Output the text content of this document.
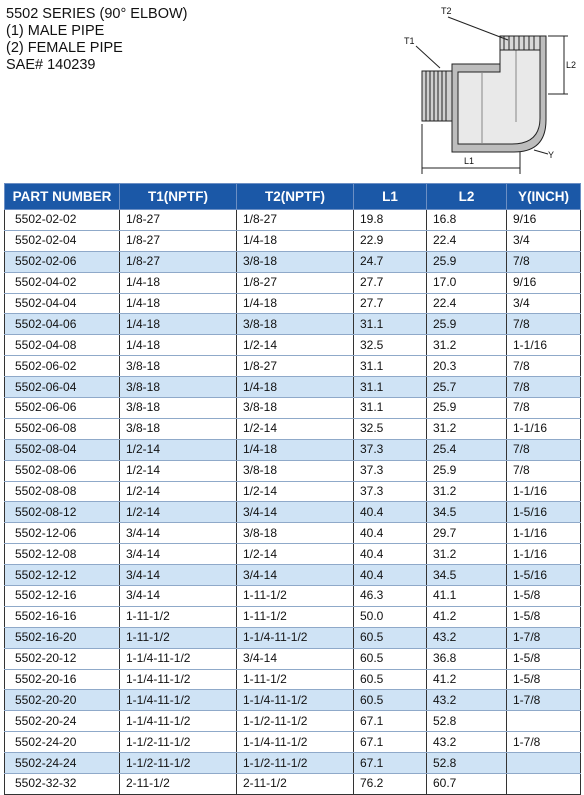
5502 SERIES (90° ELBOW)
(1) MALE PIPE
(2) FEMALE PIPE
SAE# 140239
T1
T2
L2
L1
Y
PART NUMBER	T1(NPTF)	T2(NPTF)	L1	L2	Y(INCH)
5502-02-02	1/8-27	1/8-27	19.8	16.8	9/16
5502-02-04	1/8-27	1/4-18	22.9	22.4	3/4
5502-02-06	1/8-27	3/8-18	24.7	25.9	7/8
5502-04-02	1/4-18	1/8-27	27.7	17.0	9/16
5502-04-04	1/4-18	1/4-18	27.7	22.4	3/4
5502-04-06	1/4-18	3/8-18	31.1	25.9	7/8
5502-04-08	1/4-18	1/2-14	32.5	31.2	1-1/16
5502-06-02	3/8-18	1/8-27	31.1	20.3	7/8
5502-06-04	3/8-18	1/4-18	31.1	25.7	7/8
5502-06-06	3/8-18	3/8-18	31.1	25.9	7/8
5502-06-08	3/8-18	1/2-14	32.5	31.2	1-1/16
5502-08-04	1/2-14	1/4-18	37.3	25.4	7/8
5502-08-06	1/2-14	3/8-18	37.3	25.9	7/8
5502-08-08	1/2-14	1/2-14	37.3	31.2	1-1/16
5502-08-12	1/2-14	3/4-14	40.4	34.5	1-5/16
5502-12-06	3/4-14	3/8-18	40.4	29.7	1-1/16
5502-12-08	3/4-14	1/2-14	40.4	31.2	1-1/16
5502-12-12	3/4-14	3/4-14	40.4	34.5	1-5/16
5502-12-16	3/4-14	1-11-1/2	46.3	41.1	1-5/8
5502-16-16	1-11-1/2	1-11-1/2	50.0	41.2	1-5/8
5502-16-20	1-11-1/2	1-1/4-11-1/2	60.5	43.2	1-7/8
5502-20-12	1-1/4-11-1/2	3/4-14	60.5	36.8	1-5/8
5502-20-16	1-1/4-11-1/2	1-11-1/2	60.5	41.2	1-5/8
5502-20-20	1-1/4-11-1/2	1-1/4-11-1/2	60.5	43.2	1-7/8
5502-20-24	1-1/4-11-1/2	1-1/2-11-1/2	67.1	52.8	
5502-24-20	1-1/2-11-1/2	1-1/4-11-1/2	67.1	43.2	1-7/8
5502-24-24	1-1/2-11-1/2	1-1/2-11-1/2	67.1	52.8	
5502-32-32	2-11-1/2	2-11-1/2	76.2	60.7	
